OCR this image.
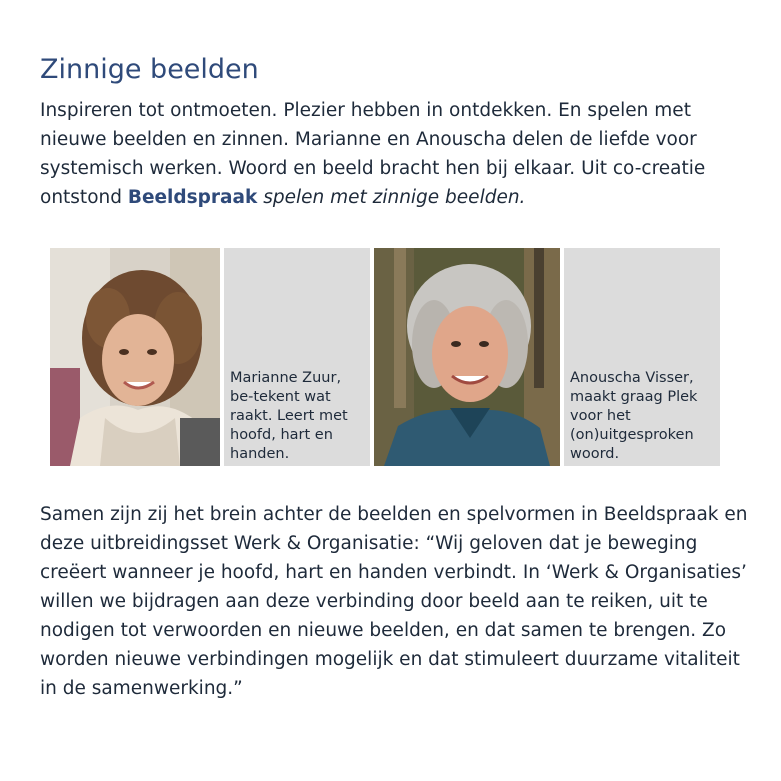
Zinnige beelden

Inspireren tot ontmoeten. Plezier hebben in ontdekken. En spelen met nieuwe beelden en zinnen. Marianne en Anouscha delen de liefde voor systemisch werken. Woord en beeld bracht hen bij elkaar. Uit co-creatie ontstond Beeldspraak spelen met zinnige beelden.

Marianne Zuur, be-tekent wat raakt. Leert met hoofd, hart en handen.
Anouscha Visser, maakt graag Plek voor het (on)uitgesproken woord.

Samen zijn zij het brein achter de beelden en spelvormen in Beeldspraak en deze uitbreidingsset Werk & Organisatie: “Wij geloven dat je beweging creëert wanneer je hoofd, hart en handen verbindt. In ‘Werk & Organisaties’ willen we bijdragen aan deze verbinding door beeld aan te reiken, uit te nodigen tot verwoorden en nieuwe beelden, en dat samen te brengen. Zo worden nieuwe verbindingen mogelijk en dat stimuleert duurzame vitaliteit in de samenwerking.”
